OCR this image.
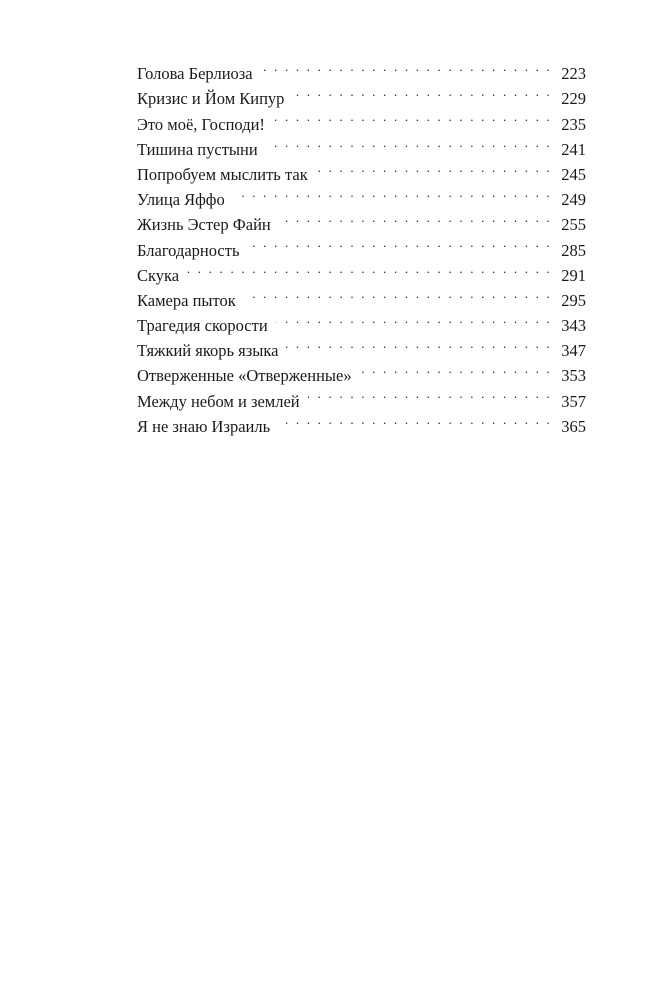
Голова Берлиоза . . .	223
Кризис и Йом Кипур . . .	229
Это моё, Господи! . . .	235
Тишина пустыни . . .	241
Попробуем мыслить так . . .	245
Улица Яффо . . .	249
Жизнь Эстер Файн . . .	255
Благодарность . . .	285
Скука . . .	291
Камера пыток . . .	295
Трагедия скорости . . .	343
Тяжкий якорь языка . . .	347
Отверженные «Отверженные» . . .	353
Между небом и землей . . .	357
Я не знаю Израиль . . .	365
